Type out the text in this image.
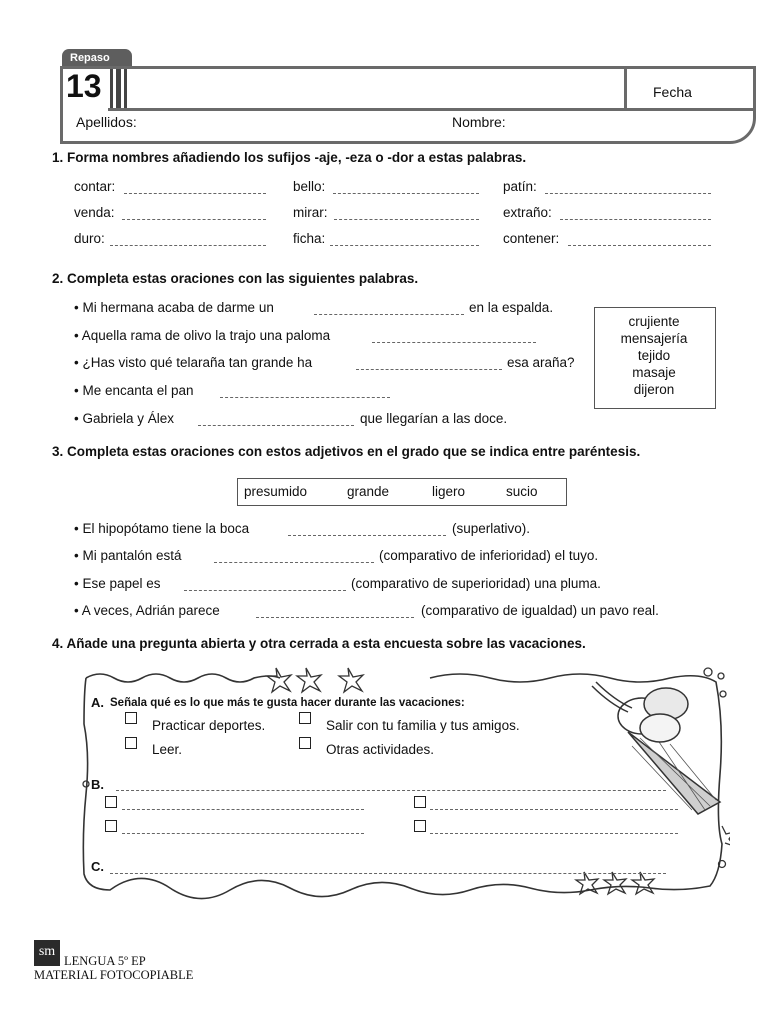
Repaso
13	Fecha
Apellidos:	Nombre:
1. Forma nombres añadiendo los sufijos -aje, -eza o -dor a estas palabras.
contar:	bello:	patín:
venda:	mirar:	extraño:
duro:	ficha:	contener:
2. Completa estas oraciones con las siguientes palabras.
• Mi hermana acaba de darme un	en la espalda.
• Aquella rama de olivo la trajo una paloma
• ¿Has visto qué telaraña tan grande ha	esa araña?
• Me encanta el pan
• Gabriela y Álex	que llegarían a las doce.
crujiente
mensajería
tejido
masaje
dijeron
3. Completa estas oraciones con estos adjetivos en el grado que se indica entre paréntesis.
presumido	grande	ligero	sucio
• El hipopótamo tiene la boca	(superlativo).
• Mi pantalón está	(comparativo de inferioridad) el tuyo.
• Ese papel es	(comparativo de superioridad) una pluma.
• A veces, Adrián parece	(comparativo de igualdad) un pavo real.
4. Añade una pregunta abierta y otra cerrada a esta encuesta sobre las vacaciones.
A. Señala qué es lo que más te gusta hacer durante las vacaciones:
Practicar deportes.	Salir con tu familia y tus amigos.
Leer.	Otras actividades.
B.
C.
sm
LENGUA 5º EP
MATERIAL FOTOCOPIABLE
